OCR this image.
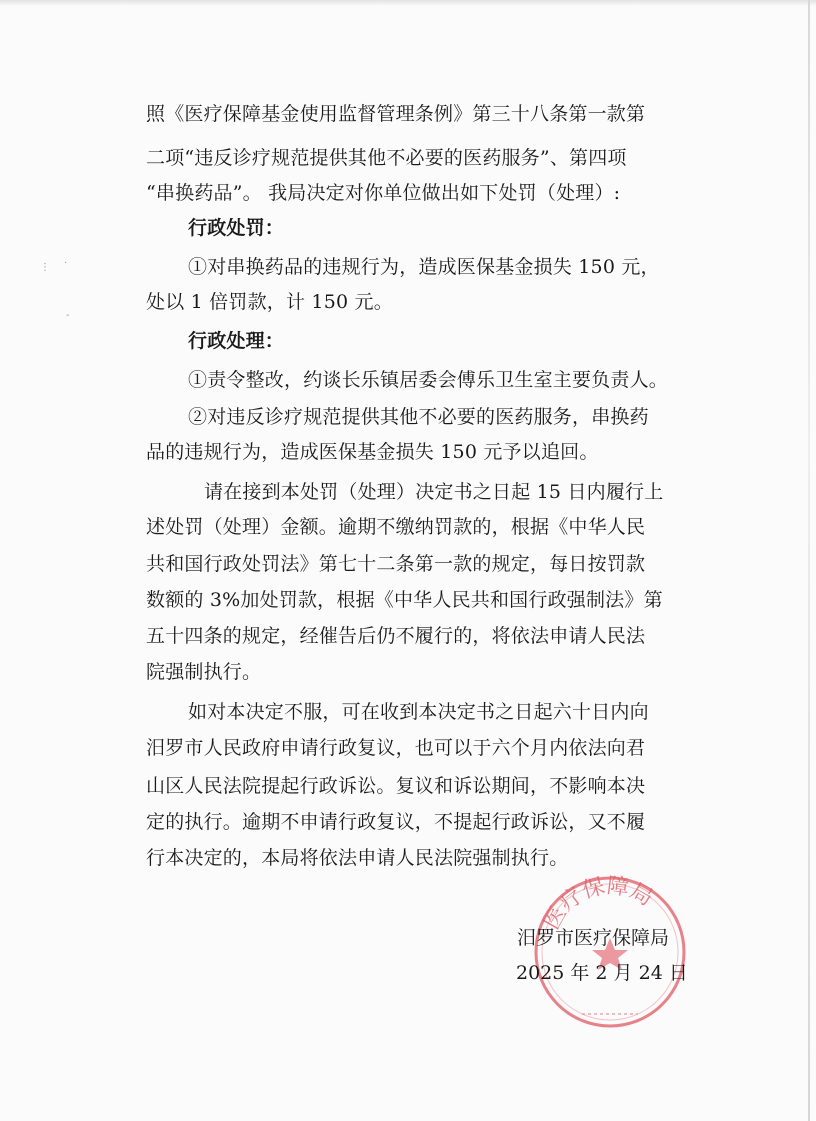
⋮ ·
-
照《医疗保障基金使用监督管理条例》第三十八条第一款第
二项“违反诊疗规范提供其他不必要的医药服务”、第四项
“串换药品”。 我局决定对你单位做出如下处罚（处理）:
行政处罚：
①对串换药品的违规行为，造成医保基金损失 150 元，
处以 1 倍罚款，计 150 元。
行政处理：
①责令整改，约谈长乐镇居委会傅乐卫生室主要负责人。
②对违反诊疗规范提供其他不必要的医药服务，串换药
品的违规行为，造成医保基金损失 150 元予以追回。
请在接到本处罚（处理）决定书之日起 15 日内履行上
述处罚（处理）金额。逾期不缴纳罚款的，根据《中华人民
共和国行政处罚法》第七十二条第一款的规定，每日按罚款
数额的 3%加处罚款，根据《中华人民共和国行政强制法》第
五十四条的规定，经催告后仍不履行的，将依法申请人民法
院强制执行。
如对本决定不服，可在收到本决定书之日起六十日内向
汨罗市人民政府申请行政复议，也可以于六个月内依法向君
山区人民法院提起行政诉讼。复议和诉讼期间，不影响本决
定的执行。逾期不申请行政复议，不提起行政诉讼，又不履
行本决定的，本局将依法申请人民法院强制执行。
医疗保障局
汨罗市医疗保障局
2025 年 2 月 24 日
